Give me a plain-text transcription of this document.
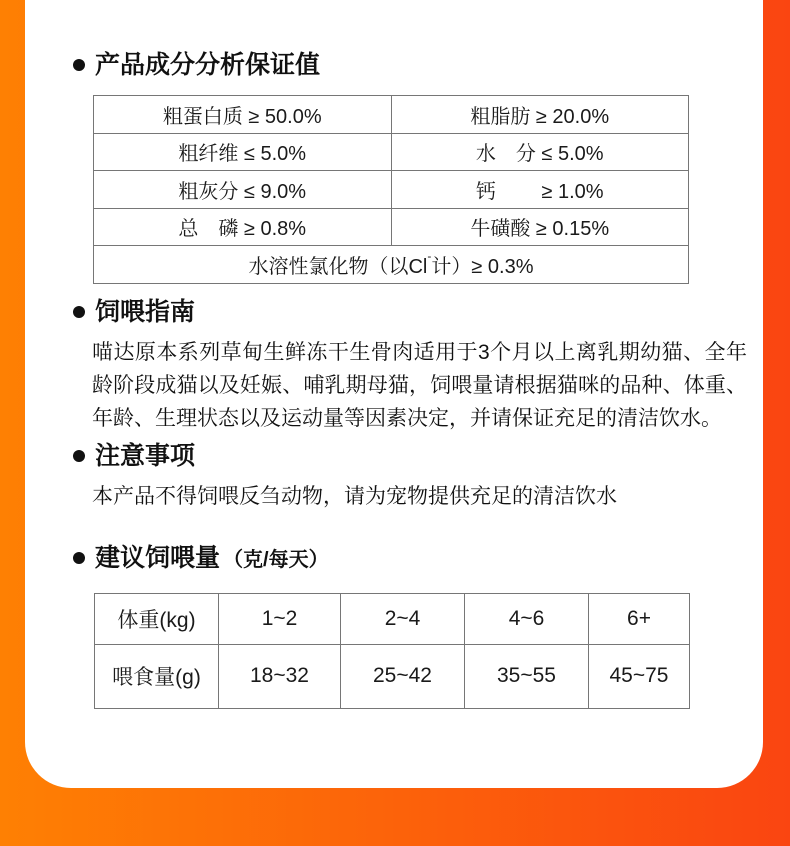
产品成分分析保证值
粗蛋白质 ≥ 50.0%	粗脂肪 ≥ 20.0%
粗纤维 ≤ 5.0%	水　分 ≤ 5.0%
粗灰分 ≤ 9.0%	钙　　 ≥ 1.0%
总　磷 ≥ 0.8%	牛磺酸 ≥ 0.15%
水溶性氯化物（以Cl-计）≥ 0.3%	
饲喂指南

喵达原本系列草甸生鲜冻干生骨肉适用于3个月以上离乳期幼猫、全年龄阶段成猫以及妊娠、哺乳期母猫，饲喂量请根据猫咪的品种、体重、年龄、生理状态以及运动量等因素决定，并请保证充足的清洁饮水。

注意事项

本产品不得饲喂反刍动物，请为宠物提供充足的清洁饮水

建议饲喂量 （克/每天）
体重(kg)	1~2	2~4	4~6	6+
喂食量(g)	18~32	25~42	35~55	45~75
